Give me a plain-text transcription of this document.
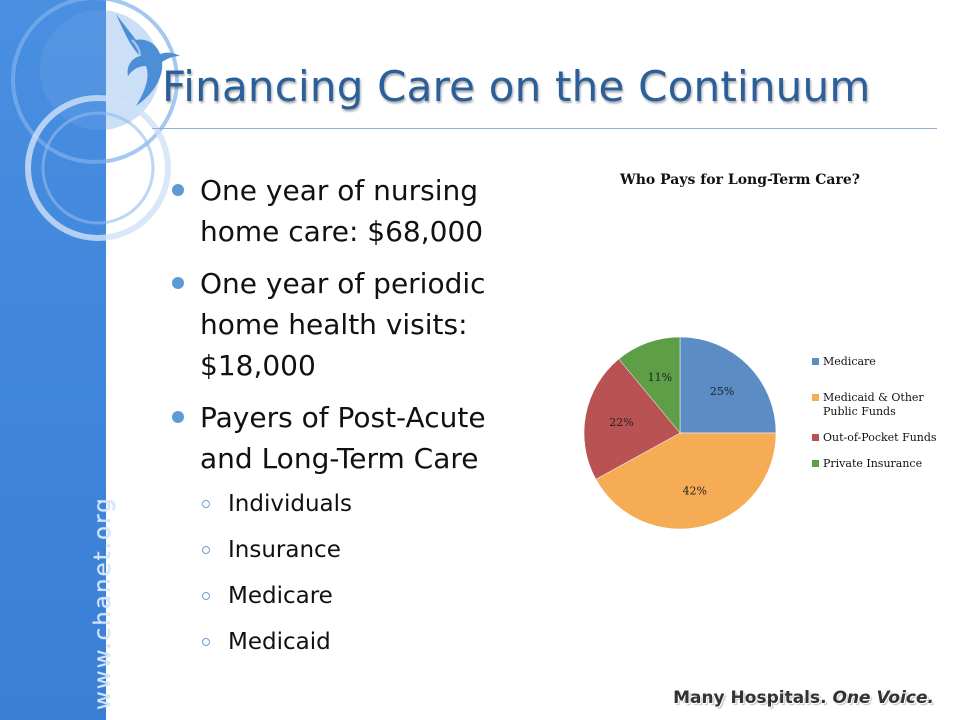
www.chanet.org
Financing Care on the Continuum
One year of nursing home care: $68,000
One year of periodic home health visits: $18,000
Payers of Post-Acute and Long-Term Care
Individuals
Insurance
Medicare
Medicaid
Who Pays for Long-Term Care?
25%
42%
22%
11%
Medicare
Medicaid & Other Public Funds
Out-of-Pocket Funds
Private Insurance
Many Hospitals. One Voice.
